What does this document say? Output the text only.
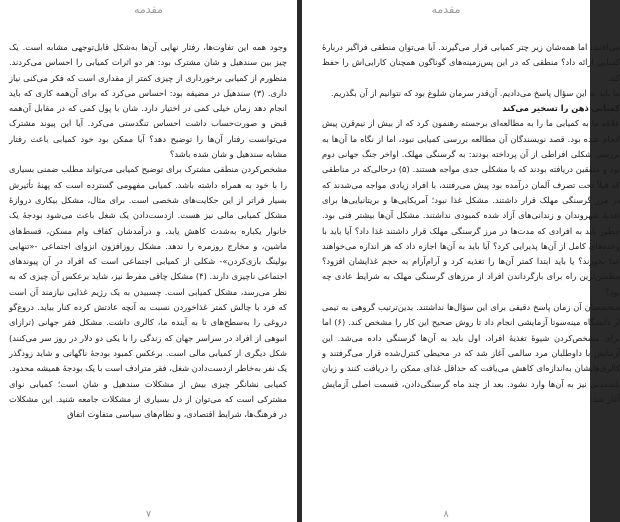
مقدمه

وجود همه این تفاوت‌ها، رفتار نهایی آن‌ها به‌شکل قابل‌توجهی مشابه است. یک چیز بین سندهیل و شان مشترک بود: هر دو اثرات کمیابی را احساس می‌کردند. منظورم از کمیابی برخورداری از چیزی کمتر از مقداری است که فکر می‌کنی نیاز داری. (۳) سندهیل در مضیقه بود: احساس می‌کرد که برای آن‌همه کاری که باید انجام دهد زمان خیلی کمی در اختیار دارد. شان با پول کمی که در مقابل آن‌همه قبض و صورت‌حساب داشت احساس تنگدستی می‌کرد. آیا این پیوند مشترک می‌توانست رفتار آن‌ها را توضیح دهد؟ آیا ممکن بود خود کمیابی باعث رفتار مشابه سندهیل و شان شده باشد؟

مشخص‌کردن منطقی مشترک برای توضیح کمیابی می‌تواند مطلب ضمنی بسیاری را با خود به همراه داشته باشد. کمیابی مفهومی گسترده است که پهنهٔ تأثیرش بسیار فراتر از این حکایت‌های شخصی است. برای مثال، مشکل بیکاری دروازهٔ مشکل کمیابی مالی نیز هست. ازدست‌دادن یک شغل باعث می‌شود بودجهٔ یک خانوار یکباره به‌شدت کاهش یابد، و درآمدشان کفاف وام مسکن، قسط‌های ماشین، و مخارج روزمره را ندهد. مشکل روزافزون انزوای اجتماعی -«تنهایی بولینگ بازی‌کردن»- شکلی از کمیابی اجتماعی است که افراد در آن پیوندهای اجتماعی ناچیزی دارند. (۴) مشکل چاقی مفرط نیز، شاید برعکس آن چیزی که به نظر می‌رسد، مشکل کمیابی است. چسبیدن به یک رژیم غذایی نیازمند آن است که فرد با چالش کمتر غذاخوردن نسبت به آنچه عادتش کرده کنار بیاید. دروغ‌گو دروغی را به‌سطح‌های تا به آینده ما، کالری داشت. مشکل فقر جهانی (ترازای انبوهی از افراد در سراسر جهان که زندگی را با یکی دو دلار در روز سر می‌کنند) شکل دیگری از کمیابی مالی است. برعکس کمبود بودجهٔ ناگهانی و شاید زودگذر یک نفر به‌خاطر ازدست‌دادن شغل، فقر مترادف است با یک بودجهٔ همیشه محدود.

کمیابی نشانگر چیزی بیش از مشکلات سندهیل و شان است؛ کمیابی نوای مشترکی است که می‌توان از دل بسیاری از مشکلات جامعه شنید. این مشکلات در فرهنگ‌ها، شرایط اقتصادی، و نظام‌های سیاسی متفاوت اتفاق

۷
مقدمه

می‌افتند، اما همه‌شان زیر چتر کمیابی قرار می‌گیرند. آیا می‌توان منطقی فراگیر دربارهٔ کمیابی ارائه داد؟ منطقی که در این پس‌زمینه‌های گوناگون همچنان کارایی‌اش را حفظ کند.

ما باید به این سؤال پاسخ می‌دادیم. آن‌قدر سرمان شلوغ بود که نتوانیم از آن بگذریم.

کمیابی ذهن را تسخیر می‌کند

علاقه ما به کمیابی ما را به مطالعه‌ای برجسته رهنمون کرد که از بیش از نیم‌قرن پیش انجام شده بود. قصد نویسندگان آن مطالعه بررسی کمیابی نبود، اما از نگاه ما آن‌ها به بررسی شکلی افراطی از آن پرداخته بودند: به گرسنگی مهلک. اواخر جنگ جهانی دوم بود و متفقین دریافته بودند که با مشکلی جدی مواجه هستند. (۵) درحالی‌که در مناطقی که قبلاً تحت تصرف آلمان درآمده بود پیش می‌رفتند، با افراد زیادی مواجه می‌شدند که در مرز گرسنگی مهلک قرار داشتند. مشکل غذا نبود؛ آمریکایی‌ها و بریتانیایی‌ها برای تغذیهٔ شهروندان و زندانی‌های آزاد شده کمبودی نداشتند. مشکل آن‌ها بیشتر فنی بود. چطور باید به افرادی که مدت‌ها در مرز گرسنگی مهلک قرار داشتند غذا داد؟ آیا باید با وعده‌های کامل از آن‌ها پذیرایی کرد؟ آیا باید به آن‌ها اجازه داد که هر اندازه می‌خواهند غذا بخورند؟ یا باید ابتدا کمتر آن‌ها را تغذیه کرد و آرام‌آرام به حجم غذایشان افزود؟ مطمئن‌ترین راه برای بازگرداندن افراد از مرزهای گرسنگی مهلک به شرایط عادی چه بود؟

متخصصان آن زمان پاسخ دقیقی برای این سؤال‌ها نداشتند. بدین‌ترتیب گروهی به تیمی از دانشگاه مینه‌سوتا آزمایشی انجام داد تا روش صحیح این کار را مشخص کند. (۶) اما برای مشخص‌کردن شیوهٔ تغذیهٔ افراد، اول باید به آن‌ها گرسنگی داده می‌شد. این آزمایش با داوطلبان مرد سالمی آغاز شد که در محیطی کنترل‌شده قرار می‌گرفتند و کالری‌هایشان به‌اندازه‌ای کاهش می‌یافت که حداقل غذای ممکن را دریافت کنند و زبان بلندمدتی نیز به آن‌ها وارد نشود. بعد از چند ماه گرسنگی‌دادن، قسمت اصلی آزمایش آغاز شد:

۸
